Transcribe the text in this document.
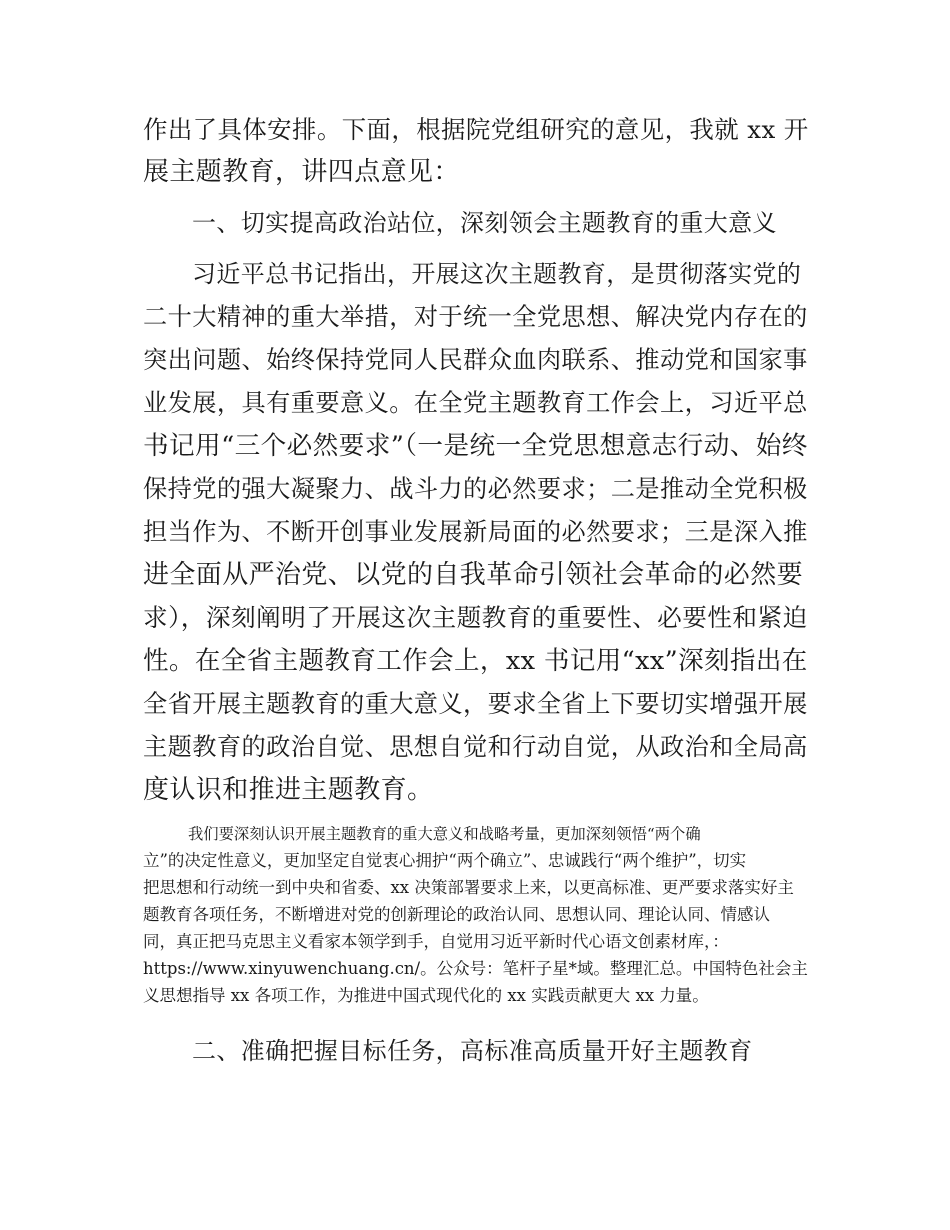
作出了具体安排。下面，根据院党组研究的意见，我就 xx 开
展主题教育，讲四点意见：
一、切实提高政治站位，深刻领会主题教育的重大意义
习近平总书记指出，开展这次主题教育，是贯彻落实党的
二十大精神的重大举措，对于统一全党思想、解决党内存在的
突出问题、始终保持党同人民群众血肉联系、推动党和国家事
业发展，具有重要意义。在全党主题教育工作会上，习近平总
书记用“三个必然要求”（一是统一全党思想意志行动、始终
保持党的强大凝聚力、战斗力的必然要求；二是推动全党积极
担当作为、不断开创事业发展新局面的必然要求；三是深入推
进全面从严治党、以党的自我革命引领社会革命的必然要
求），深刻阐明了开展这次主题教育的重要性、必要性和紧迫
性。在全省主题教育工作会上，xx 书记用“xx”深刻指出在
全省开展主题教育的重大意义，要求全省上下要切实增强开展
主题教育的政治自觉、思想自觉和行动自觉，从政治和全局高
度认识和推进主题教育。
我们要深刻认识开展主题教育的重大意义和战略考量，更加深刻领悟“两个确
立”的决定性意义，更加坚定自觉衷心拥护“两个确立”、忠诚践行“两个维护”，切实
把思想和行动统一到中央和省委、xx 决策部署要求上来，以更高标准、更严要求落实好主
题教育各项任务，不断增进对党的创新理论的政治认同、思想认同、理论认同、情感认
同，真正把马克思主义看家本领学到手，自觉用习近平新时代心语文创素材库，：
https://www.xinyuwenchuang.cn/。公众号：笔杆子星*域。整理汇总。中国特色社会主
义思想指导 xx 各项工作，为推进中国式现代化的 xx 实践贡献更大 xx 力量。
二、准确把握目标任务，高标准高质量开好主题教育
